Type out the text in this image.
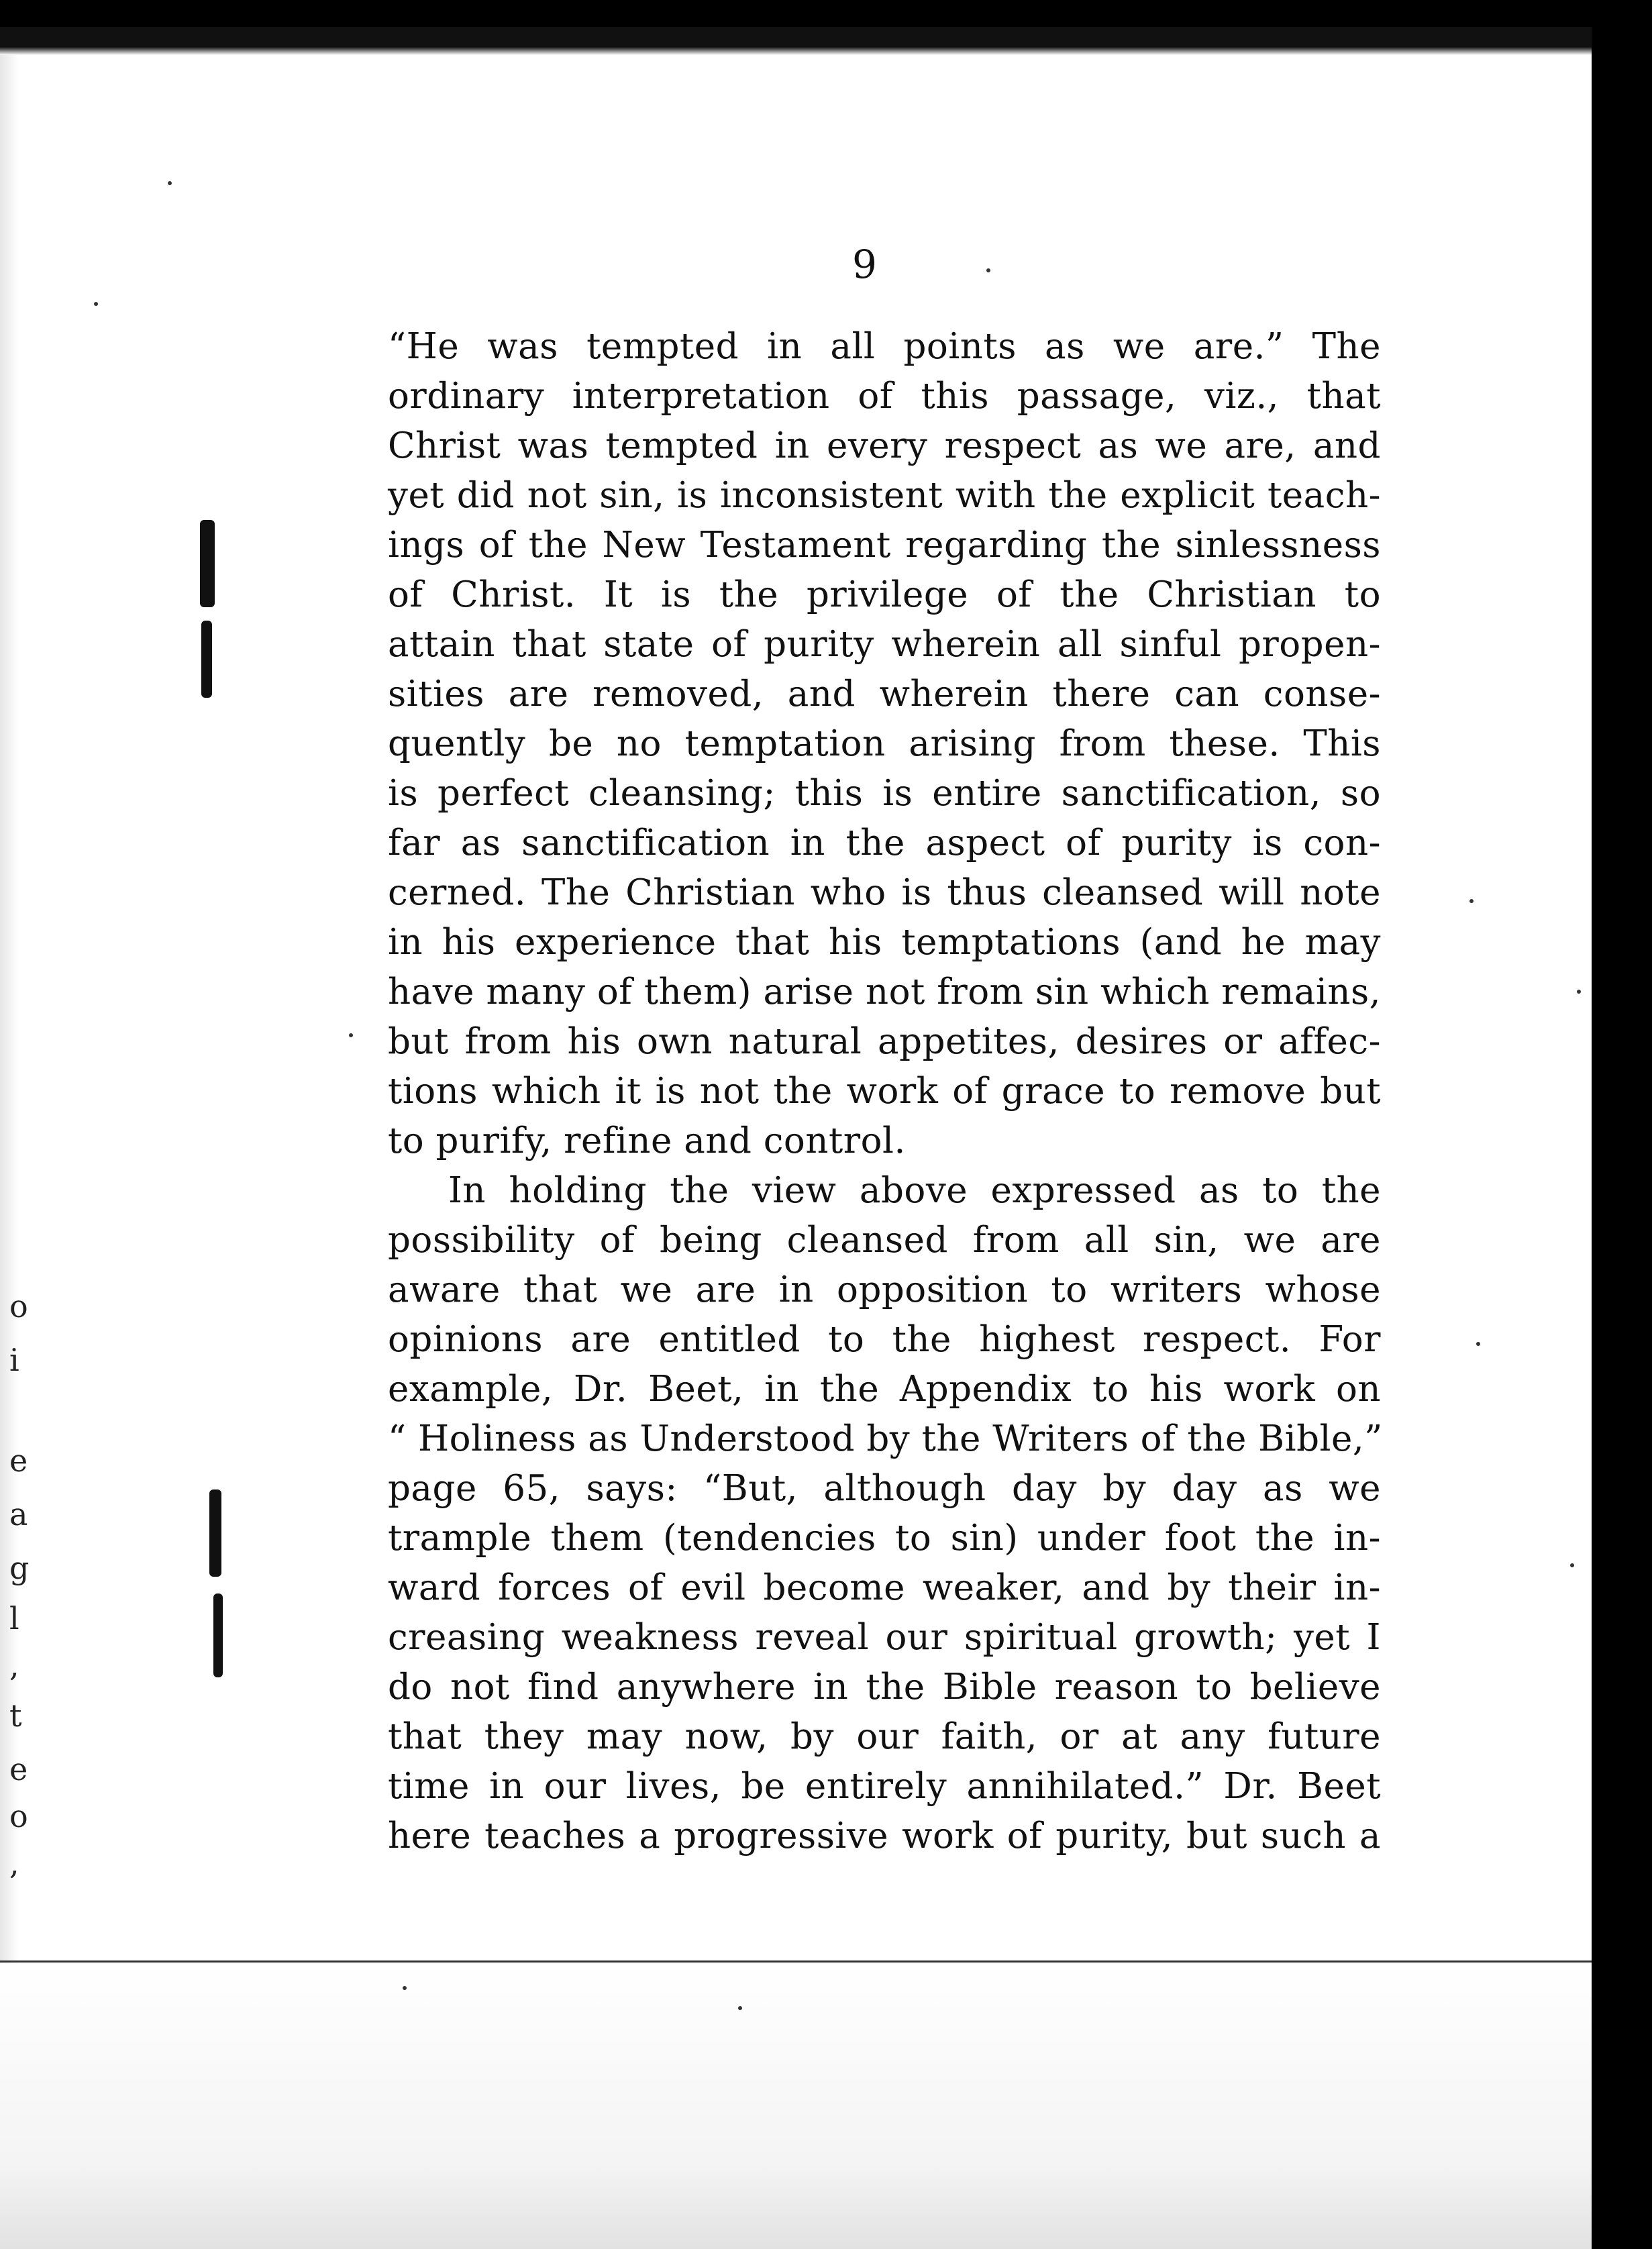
o
i
e
a
g
l
,
t
e
o
,
9
“He was tempted in all points as we are.” The
ordinary interpretation of this passage, viz., that
Christ was tempted in every respect as we are, and
yet did not sin, is inconsistent with the explicit teach-
ings of the New Testament regarding the sinlessness
of Christ. It is the privilege of the Christian to
attain that state of purity wherein all sinful propen-
sities are removed, and wherein there can conse-
quently be no temptation arising from these. This
is perfect cleansing; this is entire sanctification, so
far as sanctification in the aspect of purity is con-
cerned. The Christian who is thus cleansed will note
in his experience that his temptations (and he may
have many of them) arise not from sin which remains,
but from his own natural appetites, desires or affec-
tions which it is not the work of grace to remove but
to purify, refine and control.
In holding the view above expressed as to the
possibility of being cleansed from all sin, we are
aware that we are in opposition to writers whose
opinions are entitled to the highest respect. For
example, Dr. Beet, in the Appendix to his work on
“ Holiness as Understood by the Writers of the Bible,”
page 65, says: “But, although day by day as we
trample them (tendencies to sin) under foot the in-
ward forces of evil become weaker, and by their in-
creasing weakness reveal our spiritual growth; yet I
do not find anywhere in the Bible reason to believe
that they may now, by our faith, or at any future
time in our lives, be entirely annihilated.” Dr. Beet
here teaches a progressive work of purity, but such a
